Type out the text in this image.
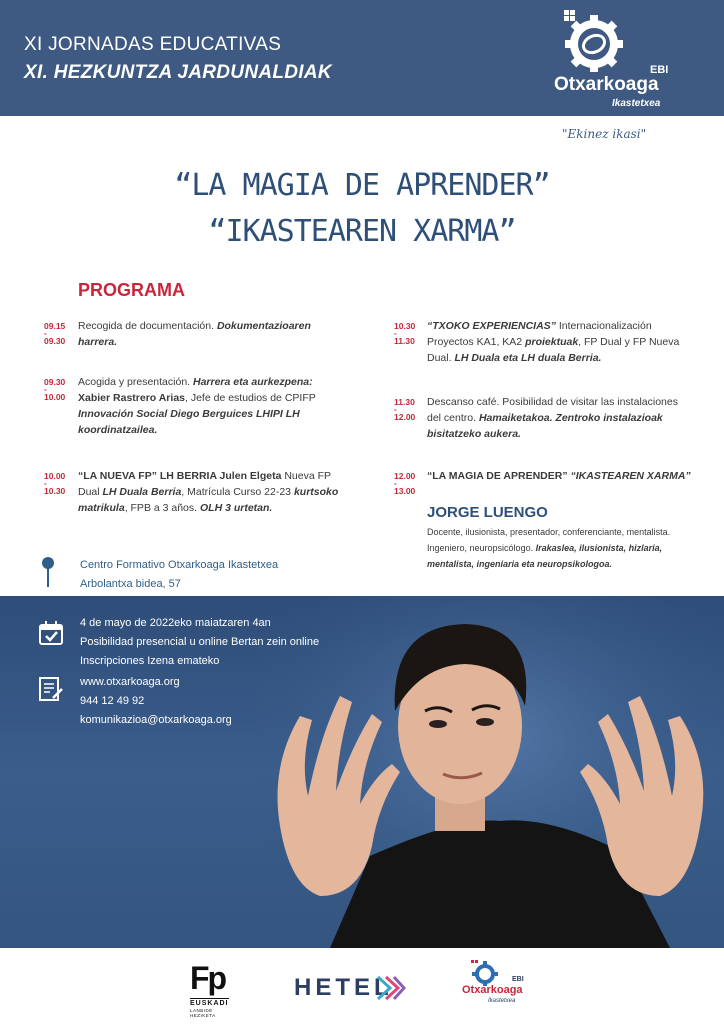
XI JORNADAS EDUCATIVAS
XI. HEZKUNTZA JARDUNALDIAK	EBI
Otxarkoaga
Ikastetxea
"Ekinez ikasi"
“LA MAGIA DE APRENDER”
“IKASTEAREN XARMA”
PROGRAMA
09.15
-
09.30
Recogida de documentación. Dokumentazioaren
harrera.
09.30
-
10.00
Acogida y presentación. Harrera eta aurkezpena:
Xabier Rastrero Arias, Jefe de estudios de CPIFP
Innovación Social Diego Berguices LHIPI LH
koordinatzailea.
10.00
-
10.30
“LA NUEVA FP” LH BERRIA Julen Elgeta Nueva FP
Dual LH Duala Berria, Matrícula Curso 22-23 kurtsoko
matrikula, FPB a 3 años. OLH 3 urtetan.
10.30
-
11.30
“TXOKO EXPERIENCIAS” Internacionalización
Proyectos KA1, KA2 proiektuak, FP Dual y FP Nueva
Dual. LH Duala eta LH duala Berria.
11.30
-
12.00
Descanso café. Posibilidad de visitar las instalaciones
del centro. Hamaiketakoa. Zentroko instalazioak
bisitatzeko aukera.
12.00
-
13.00
“LA MAGIA DE APRENDER” “IKASTEAREN XARMA”
JORGE LUENGO
Docente, ilusionista, presentador, conferenciante, mentalista.
Ingeniero, neuropsicólogo. Irakaslea, ilusionista, hizlaria,
mentalista, ingeniaria eta neuropsikologoa.
Centro Formativo Otxarkoaga Ikastetxea
Arbolantxa bidea, 57
4 de mayo de 2022eko maiatzaren 4an
Posibilidad presencial u online Bertan zein online
Inscripciones Izena emateko
www.otxarkoaga.org
944 12 49 92
komunikazioa@otxarkoaga.org
Fp
EUSKADI
LANBIDE HEZIKETA
HETEL	EBI
Otxarkoaga
Ikastetxea
